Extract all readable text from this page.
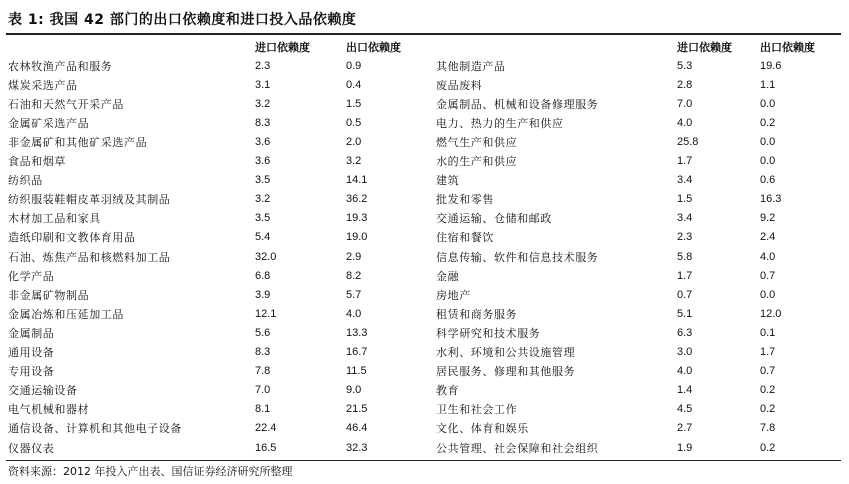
表 1: 我国 42 部门的出口依赖度和进口投入品依赖度
	进口依赖度	出口依赖度		进口依赖度	出口依赖度
农林牧渔产品和服务	2.3	0.9	其他制造产品	5.3	19.6
煤炭采选产品	3.1	0.4	废品废料	2.8	1.1
石油和天然气开采产品	3.2	1.5	金属制品、机械和设备修理服务	7.0	0.0
金属矿采选产品	8.3	0.5	电力、热力的生产和供应	4.0	0.2
非金属矿和其他矿采选产品	3.6	2.0	燃气生产和供应	25.8	0.0
食品和烟草	3.6	3.2	水的生产和供应	1.7	0.0
纺织品	3.5	14.1	建筑	3.4	0.6
纺织服装鞋帽皮革羽绒及其制品	3.2	36.2	批发和零售	1.5	16.3
木材加工品和家具	3.5	19.3	交通运输、仓储和邮政	3.4	9.2
造纸印刷和文教体育用品	5.4	19.0	住宿和餐饮	2.3	2.4
石油、炼焦产品和核燃料加工品	32.0	2.9	信息传输、软件和信息技术服务	5.8	4.0
化学产品	6.8	8.2	金融	1.7	0.7
非金属矿物制品	3.9	5.7	房地产	0.7	0.0
金属冶炼和压延加工品	12.1	4.0	租赁和商务服务	5.1	12.0
金属制品	5.6	13.3	科学研究和技术服务	6.3	0.1
通用设备	8.3	16.7	水利、环境和公共设施管理	3.0	1.7
专用设备	7.8	11.5	居民服务、修理和其他服务	4.0	0.7
交通运输设备	7.0	9.0	教育	1.4	0.2
电气机械和器材	8.1	21.5	卫生和社会工作	4.5	0.2
通信设备、计算机和其他电子设备	22.4	46.4	文化、体育和娱乐	2.7	7.8
仪器仪表	16.5	32.3	公共管理、社会保障和社会组织	1.9	0.2
资料来源：2012 年投入产出表、国信证券经济研究所整理
